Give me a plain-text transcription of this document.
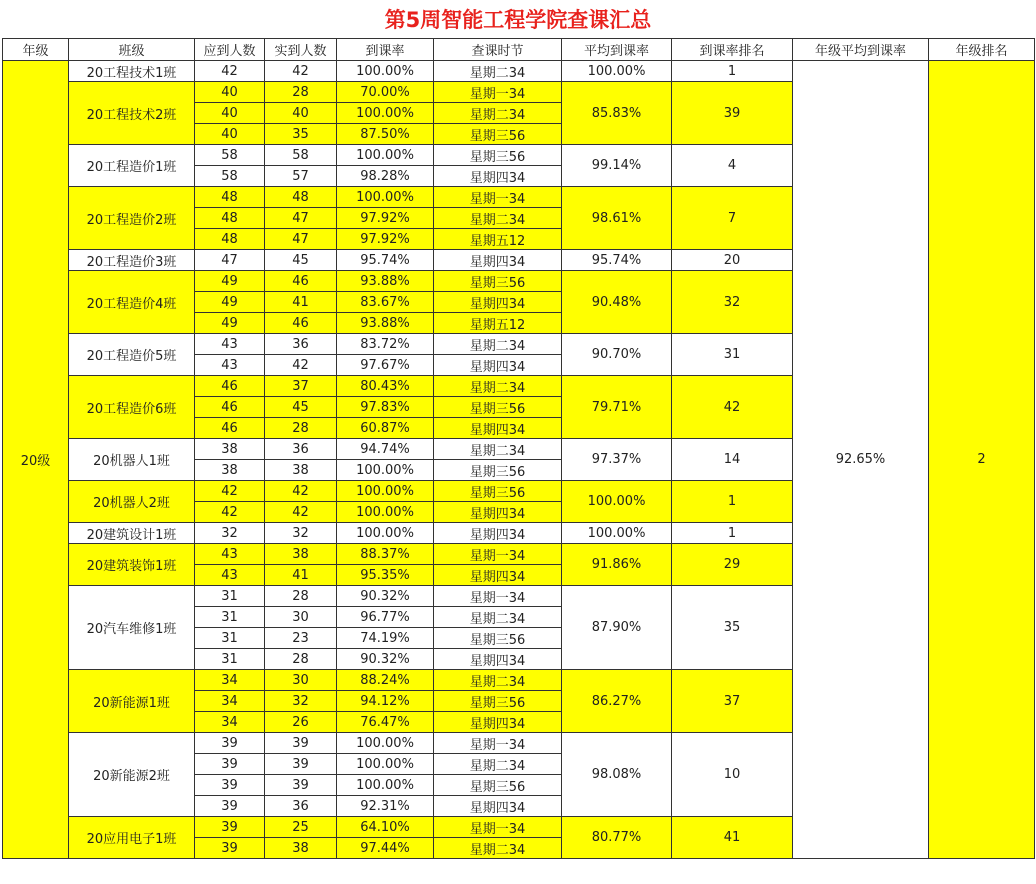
第5周智能工程学院查课汇总
年级	班级	应到人数	实到人数	到课率	查课时节	平均到课率	到课率排名	年级平均到课率	年级排名
20级	20工程技术1班	42	42	100.00%	星期二34	100.00%	1	92.65%	2
	20工程技术2班	40	28	70.00%	星期一34	85.83%	39		
		40	40	100.00%	星期二34				
		40	35	87.50%	星期三56				
	20工程造价1班	58	58	100.00%	星期三56	99.14%	4		
		58	57	98.28%	星期四34				
	20工程造价2班	48	48	100.00%	星期一34	98.61%	7		
		48	47	97.92%	星期二34				
		48	47	97.92%	星期五12				
	20工程造价3班	47	45	95.74%	星期四34	95.74%	20		
	20工程造价4班	49	46	93.88%	星期三56	90.48%	32		
		49	41	83.67%	星期四34				
		49	46	93.88%	星期五12				
	20工程造价5班	43	36	83.72%	星期二34	90.70%	31		
		43	42	97.67%	星期四34				
	20工程造价6班	46	37	80.43%	星期二34	79.71%	42		
		46	45	97.83%	星期三56				
		46	28	60.87%	星期四34				
	20机器人1班	38	36	94.74%	星期二34	97.37%	14		
		38	38	100.00%	星期三56				
	20机器人2班	42	42	100.00%	星期三56	100.00%	1		
		42	42	100.00%	星期四34				
	20建筑设计1班	32	32	100.00%	星期四34	100.00%	1		
	20建筑装饰1班	43	38	88.37%	星期一34	91.86%	29		
		43	41	95.35%	星期四34				
	20汽车维修1班	31	28	90.32%	星期一34	87.90%	35		
		31	30	96.77%	星期二34				
		31	23	74.19%	星期三56				
		31	28	90.32%	星期四34				
	20新能源1班	34	30	88.24%	星期二34	86.27%	37		
		34	32	94.12%	星期三56				
		34	26	76.47%	星期四34				
	20新能源2班	39	39	100.00%	星期一34	98.08%	10		
		39	39	100.00%	星期二34				
		39	39	100.00%	星期三56				
		39	36	92.31%	星期四34				
	20应用电子1班	39	25	64.10%	星期一34	80.77%	41		
		39	38	97.44%	星期二34				
